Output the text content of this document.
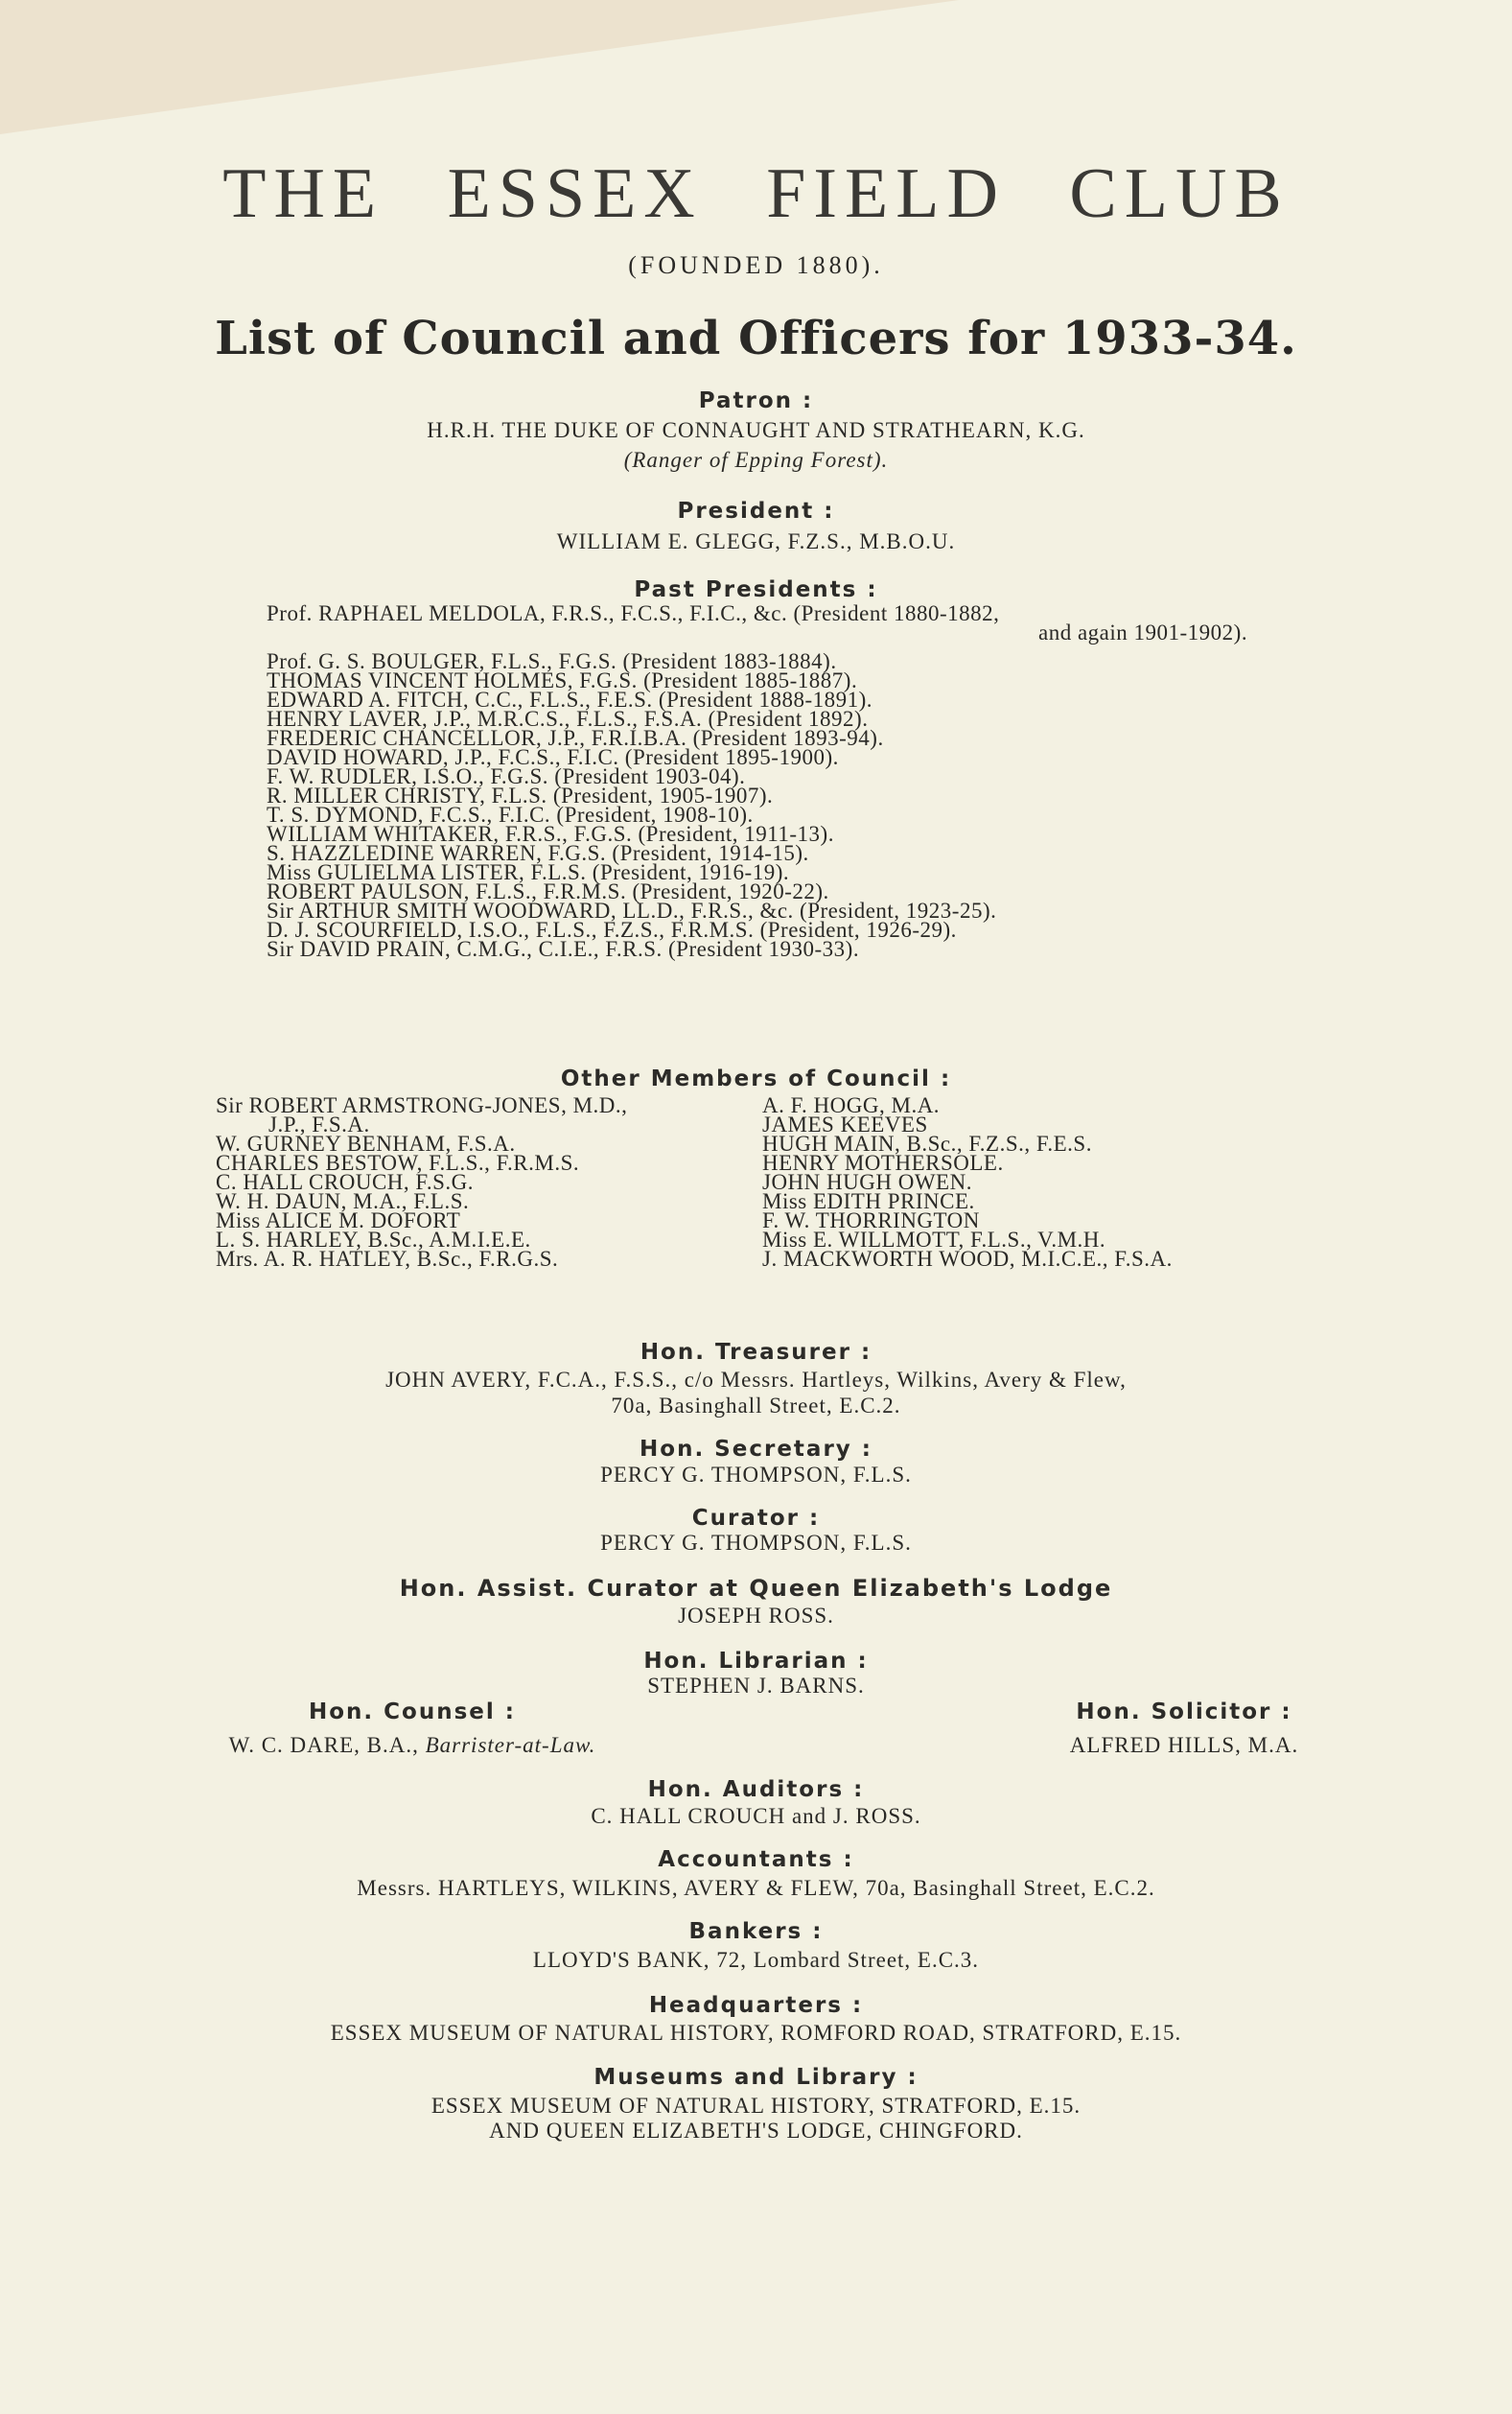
THE ESSEX FIELD CLUB
(FOUNDED 1880).
List of Council and Officers for 1933-34.
Patron :
H.R.H. THE DUKE OF CONNAUGHT AND STRATHEARN, K.G.
(Ranger of Epping Forest).
President :
WILLIAM E. GLEGG, F.Z.S., M.B.O.U.
Past Presidents :
Prof. RAPHAEL MELDOLA, F.R.S., F.C.S., F.I.C., &c. (President 1880-1882,
and again 1901-1902).
Prof. G. S. BOULGER, F.L.S., F.G.S. (President 1883-1884).
THOMAS VINCENT HOLMES, F.G.S. (President 1885-1887).
EDWARD A. FITCH, C.C., F.L.S., F.E.S. (President 1888-1891).
HENRY LAVER, J.P., M.R.C.S., F.L.S., F.S.A. (President 1892).
FREDERIC CHANCELLOR, J.P., F.R.I.B.A. (President 1893-94).
DAVID HOWARD, J.P., F.C.S., F.I.C. (President 1895-1900).
F. W. RUDLER, I.S.O., F.G.S. (President 1903-04).
R. MILLER CHRISTY, F.L.S. (President, 1905-1907).
T. S. DYMOND, F.C.S., F.I.C. (President, 1908-10).
WILLIAM WHITAKER, F.R.S., F.G.S. (President, 1911-13).
S. HAZZLEDINE WARREN, F.G.S. (President, 1914-15).
Miss GULIELMA LISTER, F.L.S. (President, 1916-19).
ROBERT PAULSON, F.L.S., F.R.M.S. (President, 1920-22).
Sir ARTHUR SMITH WOODWARD, LL.D., F.R.S., &c. (President, 1923-25).
D. J. SCOURFIELD, I.S.O., F.L.S., F.Z.S., F.R.M.S. (President, 1926-29).
Sir DAVID PRAIN, C.M.G., C.I.E., F.R.S. (President 1930-33).
Other Members of Council :
Sir ROBERT ARMSTRONG-JONES, M.D.,
J.P., F.S.A.
W. GURNEY BENHAM, F.S.A.
CHARLES BESTOW, F.L.S., F.R.M.S.
C. HALL CROUCH, F.S.G.
W. H. DAUN, M.A., F.L.S.
Miss ALICE M. DOFORT
L. S. HARLEY, B.Sc., A.M.I.E.E.
Mrs. A. R. HATLEY, B.Sc., F.R.G.S.
A. F. HOGG, M.A.
JAMES KEEVES
HUGH MAIN, B.Sc., F.Z.S., F.E.S.
HENRY MOTHERSOLE.
JOHN HUGH OWEN.
Miss EDITH PRINCE.
F. W. THORRINGTON
Miss E. WILLMOTT, F.L.S., V.M.H.
J. MACKWORTH WOOD, M.I.C.E., F.S.A.
Hon. Treasurer :
JOHN AVERY, F.C.A., F.S.S., c/o Messrs. Hartleys, Wilkins, Avery & Flew,
70a, Basinghall Street, E.C.2.
Hon. Secretary :
PERCY G. THOMPSON, F.L.S.
Curator :
PERCY G. THOMPSON, F.L.S.
Hon. Assist. Curator at Queen Elizabeth's Lodge
JOSEPH ROSS.
Hon. Librarian :
STEPHEN J. BARNS.
Hon. Counsel :
W. C. DARE, B.A., Barrister-at-Law.
Hon. Solicitor :
ALFRED HILLS, M.A.
Hon. Auditors :
C. HALL CROUCH and J. ROSS.
Accountants :
Messrs. HARTLEYS, WILKINS, AVERY & FLEW, 70a, Basinghall Street, E.C.2.
Bankers :
LLOYD'S BANK, 72, Lombard Street, E.C.3.
Headquarters :
ESSEX MUSEUM OF NATURAL HISTORY, ROMFORD ROAD, STRATFORD, E.15.
Museums and Library :
ESSEX MUSEUM OF NATURAL HISTORY, STRATFORD, E.15.
AND QUEEN ELIZABETH'S LODGE, CHINGFORD.
